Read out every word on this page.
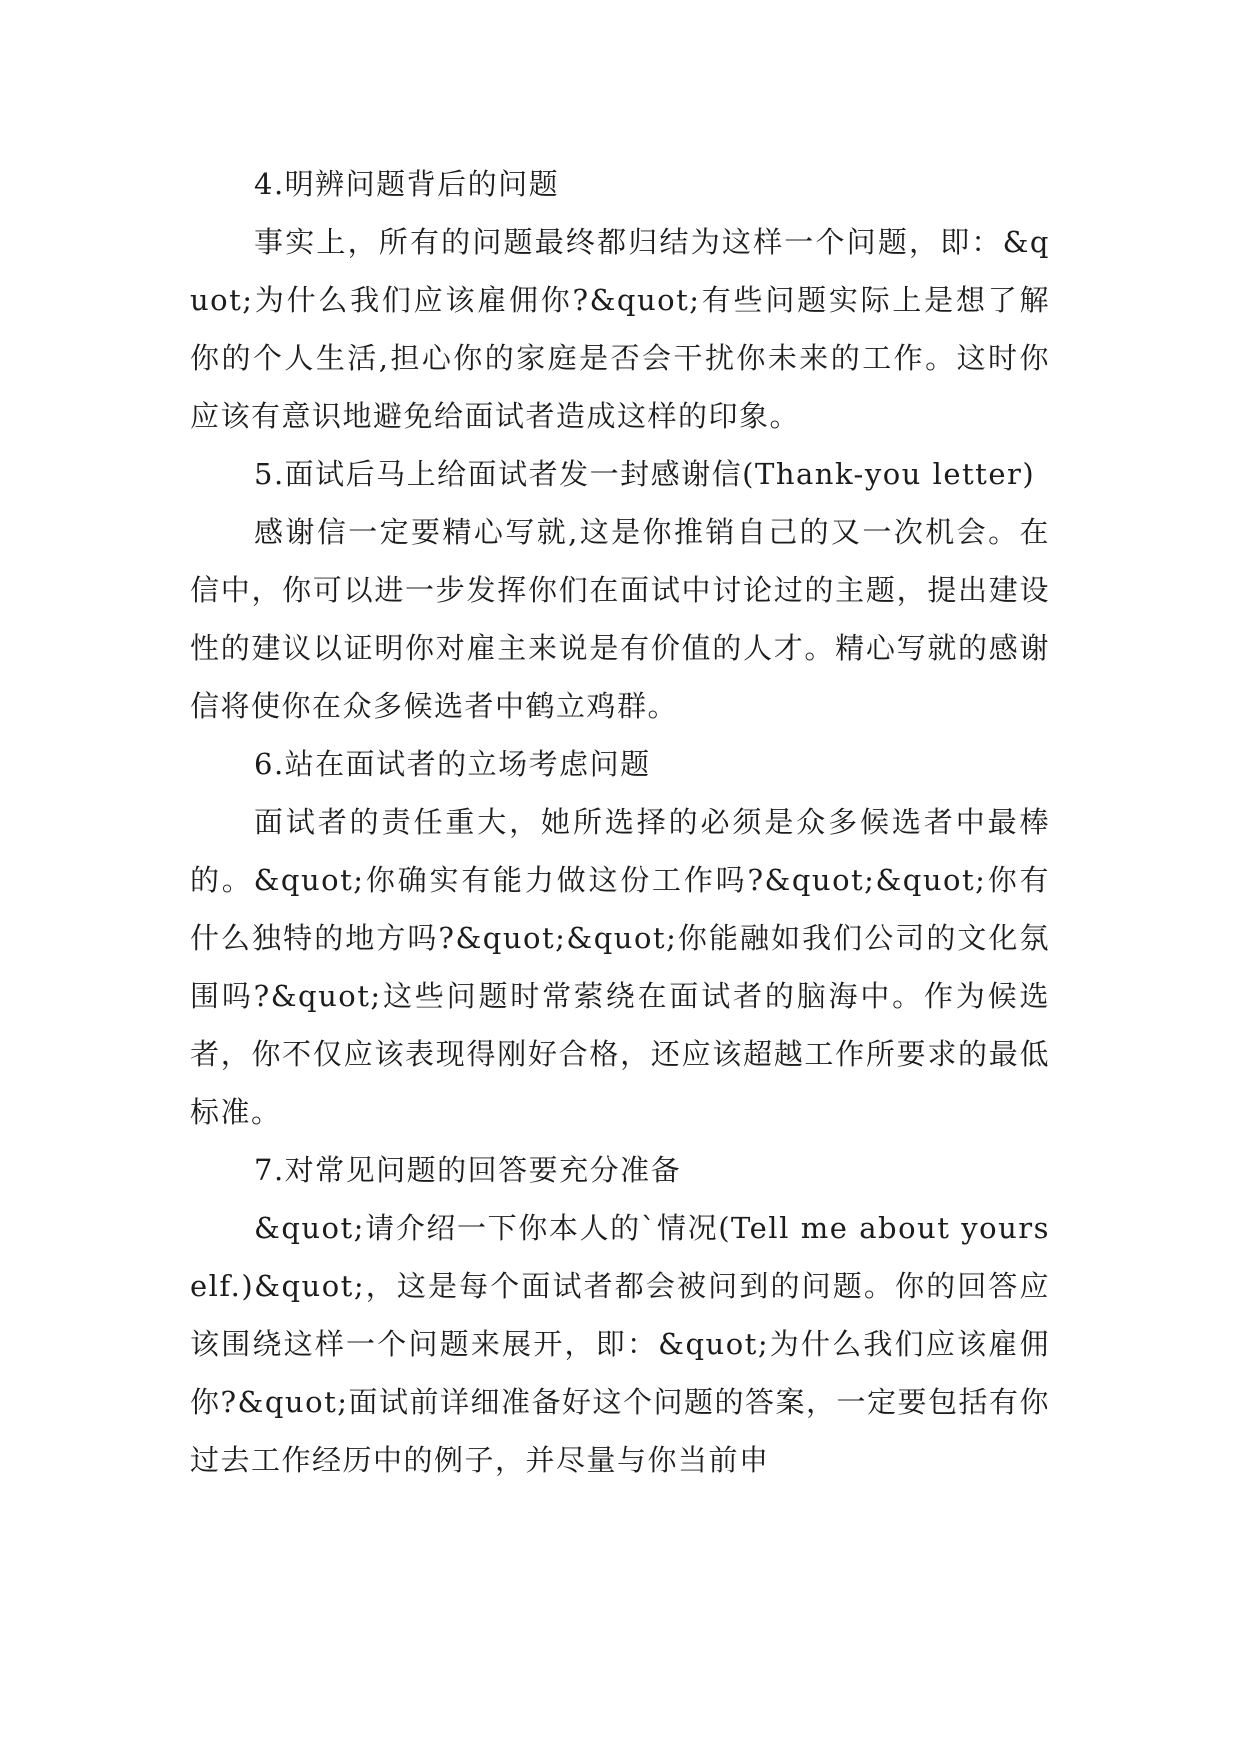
4.明辨问题背后的问题

事实上，所有的问题最终都归结为这样一个问题，即：&quot;为什么我们应该雇佣你?&quot;有些问题实际上是想了解你的个人生活,担心你的家庭是否会干扰你未来的工作。这时你应该有意识地避免给面试者造成这样的印象。

5.面试后马上给面试者发一封感谢信(Thank-you letter)

感谢信一定要精心写就,这是你推销自己的又一次机会。在信中，你可以进一步发挥你们在面试中讨论过的主题，提出建设性的建议以证明你对雇主来说是有价值的人才。精心写就的感谢信将使你在众多候选者中鹤立鸡群。

6.站在面试者的立场考虑问题

面试者的责任重大，她所选择的必须是众多候选者中最棒的。&quot;你确实有能力做这份工作吗?&quot;&quot;你有什么独特的地方吗?&quot;&quot;你能融如我们公司的文化氛围吗?&quot;这些问题时常萦绕在面试者的脑海中。作为候选者，你不仅应该表现得刚好合格，还应该超越工作所要求的最低标准。

7.对常见问题的回答要充分准备

&quot;请介绍一下你本人的`情况(Tell me about yourself.)&quot;，这是每个面试者都会被问到的问题。你的回答应该围绕这样一个问题来展开，即：&quot;为什么我们应该雇佣你?&quot;面试前详细准备好这个问题的答案，一定要包括有你过去工作经历中的例子，并尽量与你当前申
